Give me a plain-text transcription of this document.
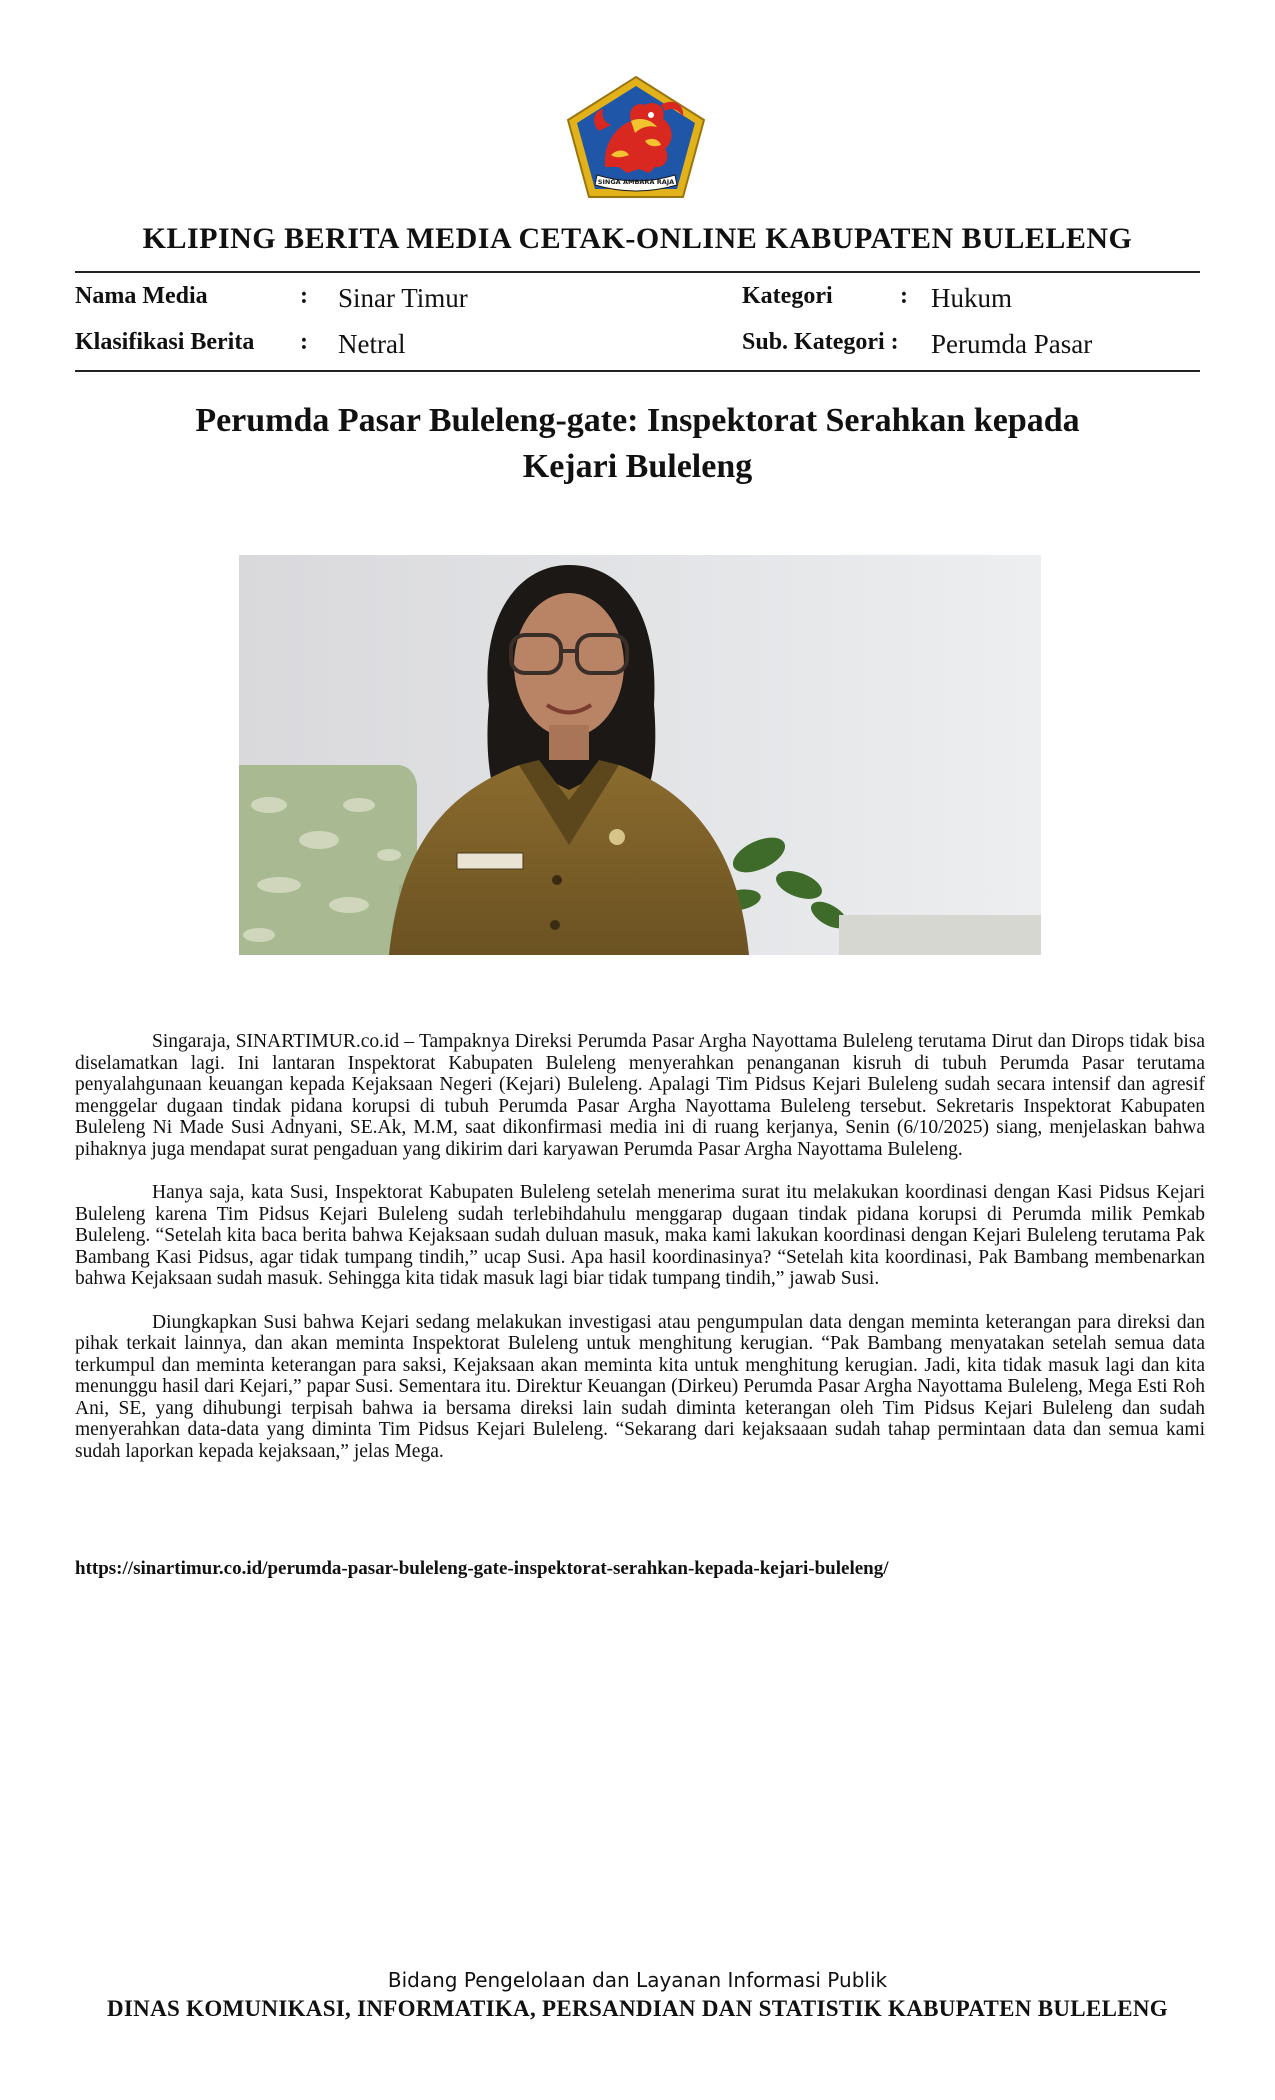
SINGA AMBARA RAJA
KLIPING BERITA MEDIA CETAK-ONLINE KABUPATEN BULELENG
Nama Media	: Sinar Timur
Klasifikasi Berita : Netral
Kategori	: Hukum
Sub. Kategori : Perumda Pasar
Perumda Pasar Buleleng-gate: Inspektorat Serahkan kepada
Kejari Buleleng

Singaraja, SINARTIMUR.co.id – Tampaknya Direksi Perumda Pasar Argha Nayottama Buleleng terutama Dirut dan Dirops tidak bisa diselamatkan lagi. Ini lantaran Inspektorat Kabupaten Buleleng menyerahkan penanganan kisruh di tubuh Perumda Pasar terutama penyalahgunaan keuangan kepada Kejaksaan Negeri (Kejari) Buleleng. Apalagi Tim Pidsus Kejari Buleleng sudah secara intensif dan agresif menggelar dugaan tindak pidana korupsi di tubuh Perumda Pasar Argha Nayottama Buleleng tersebut. Sekretaris Inspektorat Kabupaten Buleleng Ni Made Susi Adnyani, SE.Ak, M.M, saat dikonfirmasi media ini di ruang kerjanya, Senin (6/10/2025) siang, menjelaskan bahwa pihaknya juga mendapat surat pengaduan yang dikirim dari karyawan Perumda Pasar Argha Nayottama Buleleng.

Hanya saja, kata Susi, Inspektorat Kabupaten Buleleng setelah menerima surat itu melakukan koordinasi dengan Kasi Pidsus Kejari Buleleng karena Tim Pidsus Kejari Buleleng sudah terlebihdahulu menggarap dugaan tindak pidana korupsi di Perumda milik Pemkab Buleleng. “Setelah kita baca berita bahwa Kejaksaan sudah duluan masuk, maka kami lakukan koordinasi dengan Kejari Buleleng terutama Pak Bambang Kasi Pidsus, agar tidak tumpang tindih,” ucap Susi. Apa hasil koordinasinya? “Setelah kita koordinasi, Pak Bambang membenarkan bahwa Kejaksaan sudah masuk. Sehingga kita tidak masuk lagi biar tidak tumpang tindih,” jawab Susi.

Diungkapkan Susi bahwa Kejari sedang melakukan investigasi atau pengumpulan data dengan meminta keterangan para direksi dan pihak terkait lainnya, dan akan meminta Inspektorat Buleleng untuk menghitung kerugian. “Pak Bambang menyatakan setelah semua data terkumpul dan meminta keterangan para saksi, Kejaksaan akan meminta kita untuk menghitung kerugian. Jadi, kita tidak masuk lagi dan kita menunggu hasil dari Kejari,” papar Susi. Sementara itu. Direktur Keuangan (Dirkeu) Perumda Pasar Argha Nayottama Buleleng, Mega Esti Roh Ani, SE, yang dihubungi terpisah bahwa ia bersama direksi lain sudah diminta keterangan oleh Tim Pidsus Kejari Buleleng dan sudah menyerahkan data-data yang diminta Tim Pidsus Kejari Buleleng. “Sekarang dari kejaksaaan sudah tahap permintaan data dan semua kami sudah laporkan kepada kejaksaan,” jelas Mega.

https://sinartimur.co.id/perumda-pasar-buleleng-gate-inspektorat-serahkan-kepada-kejari-buleleng/
Bidang Pengelolaan dan Layanan Informasi Publik
DINAS KOMUNIKASI, INFORMATIKA, PERSANDIAN DAN STATISTIK KABUPATEN BULELENG
